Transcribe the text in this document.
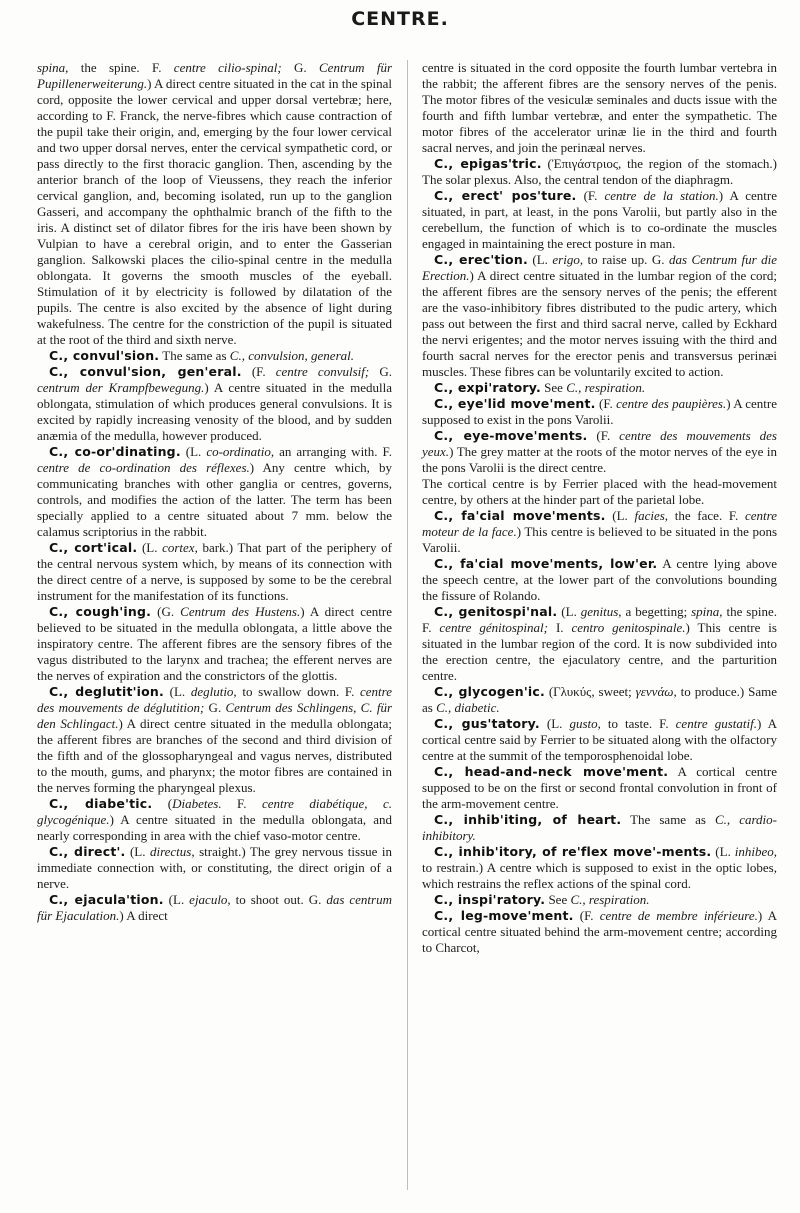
CENTRE.

spina, the spine. F. centre cilio-spinal; G. Centrum für Pupillenerweiterung.) A direct centre situated in the cat in the spinal cord, opposite the lower cervical and upper dorsal vertebræ; here, according to F. Franck, the nerve-fibres which cause contraction of the pupil take their origin, and, emerging by the four lower cervical and two upper dorsal nerves, enter the cervical sympathetic cord, or pass directly to the first thoracic ganglion. Then, ascending by the anterior branch of the loop of Vieussens, they reach the inferior cervical ganglion, and, becoming isolated, run up to the ganglion Gasseri, and accompany the ophthalmic branch of the fifth to the iris. A distinct set of dilator fibres for the iris have been shown by Vulpian to have a cerebral origin, and to enter the Gasserian ganglion. Salkowski places the cilio-spinal centre in the medulla oblongata. It governs the smooth muscles of the eyeball. Stimulation of it by electricity is followed by dilatation of the pupils. The centre is also excited by the absence of light during wakefulness. The centre for the constriction of the pupil is situated at the root of the third and sixth nerve.

C., convul'sion. The same as C., convulsion, general.

C., convul'sion, gen'eral. (F. centre convulsif; G. centrum der Krampfbewegung.) A centre situated in the medulla oblongata, stimulation of which produces general convulsions. It is excited by rapidly increasing venosity of the blood, and by sudden anæmia of the medulla, however produced.

C., co-or'dinating. (L. co-ordinatio, an arranging with. F. centre de co-ordination des réflexes.) Any centre which, by communicating branches with other ganglia or centres, governs, controls, and modifies the action of the latter. The term has been specially applied to a centre situated about 7 mm. below the calamus scriptorius in the rabbit.

C., cort'ical. (L. cortex, bark.) That part of the periphery of the central nervous system which, by means of its connection with the direct centre of a nerve, is supposed by some to be the cerebral instrument for the manifestation of its functions.

C., cough'ing. (G. Centrum des Hustens.) A direct centre believed to be situated in the medulla oblongata, a little above the inspiratory centre. The afferent fibres are the sensory fibres of the vagus distributed to the larynx and trachea; the efferent nerves are the nerves of expiration and the constrictors of the glottis.

C., deglutit'ion. (L. deglutio, to swallow down. F. centre des mouvements de déglutition; G. Centrum des Schlingens, C. für den Schlingact.) A direct centre situated in the medulla oblongata; the afferent fibres are branches of the second and third division of the fifth and of the glossopharyngeal and vagus nerves, distributed to the mouth, gums, and pharynx; the motor fibres are contained in the nerves forming the pharyngeal plexus.

C., diabe'tic. (Diabetes. F. centre diabétique, c. glycogénique.) A centre situated in the medulla oblongata, and nearly corresponding in area with the chief vaso-motor centre.

C., direct'. (L. directus, straight.) The grey nervous tissue in immediate connection with, or constituting, the direct origin of a nerve.

C., ejacula'tion. (L. ejaculo, to shoot out. G. das centrum für Ejaculation.) A direct

centre is situated in the cord opposite the fourth lumbar vertebra in the rabbit; the afferent fibres are the sensory nerves of the penis. The motor fibres of the vesiculæ seminales and ducts issue with the fourth and fifth lumbar vertebræ, and enter the sympathetic. The motor fibres of the accelerator urinæ lie in the third and fourth sacral nerves, and join the perinæal nerves.

C., epigas'tric. (Ἐπιγάστριος, the region of the stomach.) The solar plexus. Also, the central tendon of the diaphragm.

C., erect' pos'ture. (F. centre de la station.) A centre situated, in part, at least, in the pons Varolii, but partly also in the cerebellum, the function of which is to co-ordinate the muscles engaged in maintaining the erect posture in man.

C., erec'tion. (L. erigo, to raise up. G. das Centrum fur die Erection.) A direct centre situated in the lumbar region of the cord; the afferent fibres are the sensory nerves of the penis; the efferent are the vaso-inhibitory fibres distributed to the pudic artery, which pass out between the first and third sacral nerve, called by Eckhard the nervi erigentes; and the motor nerves issuing with the third and fourth sacral nerves for the erector penis and transversus perinæi muscles. These fibres can be voluntarily excited to action.

C., expi'ratory. See C., respiration.

C., eye'lid move'ment. (F. centre des paupières.) A centre supposed to exist in the pons Varolii.

C., eye-move'ments. (F. centre des mouvements des yeux.) The grey matter at the roots of the motor nerves of the eye in the pons Varolii is the direct centre.

The cortical centre is by Ferrier placed with the head-movement centre, by others at the hinder part of the parietal lobe.

C., fa'cial move'ments. (L. facies, the face. F. centre moteur de la face.) This centre is believed to be situated in the pons Varolii.

C., fa'cial move'ments, low'er. A centre lying above the speech centre, at the lower part of the convolutions bounding the fissure of Rolando.

C., genitospi'nal. (L. genitus, a begetting; spina, the spine. F. centre génitospinal; I. centro genitospinale.) This centre is situated in the lumbar region of the cord. It is now subdivided into the erection centre, the ejaculatory centre, and the parturition centre.

C., glycogen'ic. (Γλυκύς, sweet; γεννάω, to produce.) Same as C., diabetic.

C., gus'tatory. (L. gusto, to taste. F. centre gustatif.) A cortical centre said by Ferrier to be situated along with the olfactory centre at the summit of the temporosphenoidal lobe.

C., head-and-neck move'ment. A cortical centre supposed to be on the first or second frontal convolution in front of the arm-movement centre.

C., inhib'iting, of heart. The same as C., cardio-inhibitory.

C., inhib'itory, of re'flex move'-ments. (L. inhibeo, to restrain.) A centre which is supposed to exist in the optic lobes, which restrains the reflex actions of the spinal cord.

C., inspi'ratory. See C., respiration.

C., leg-move'ment. (F. centre de membre inférieure.) A cortical centre situated behind the arm-movement centre; according to Charcot,
